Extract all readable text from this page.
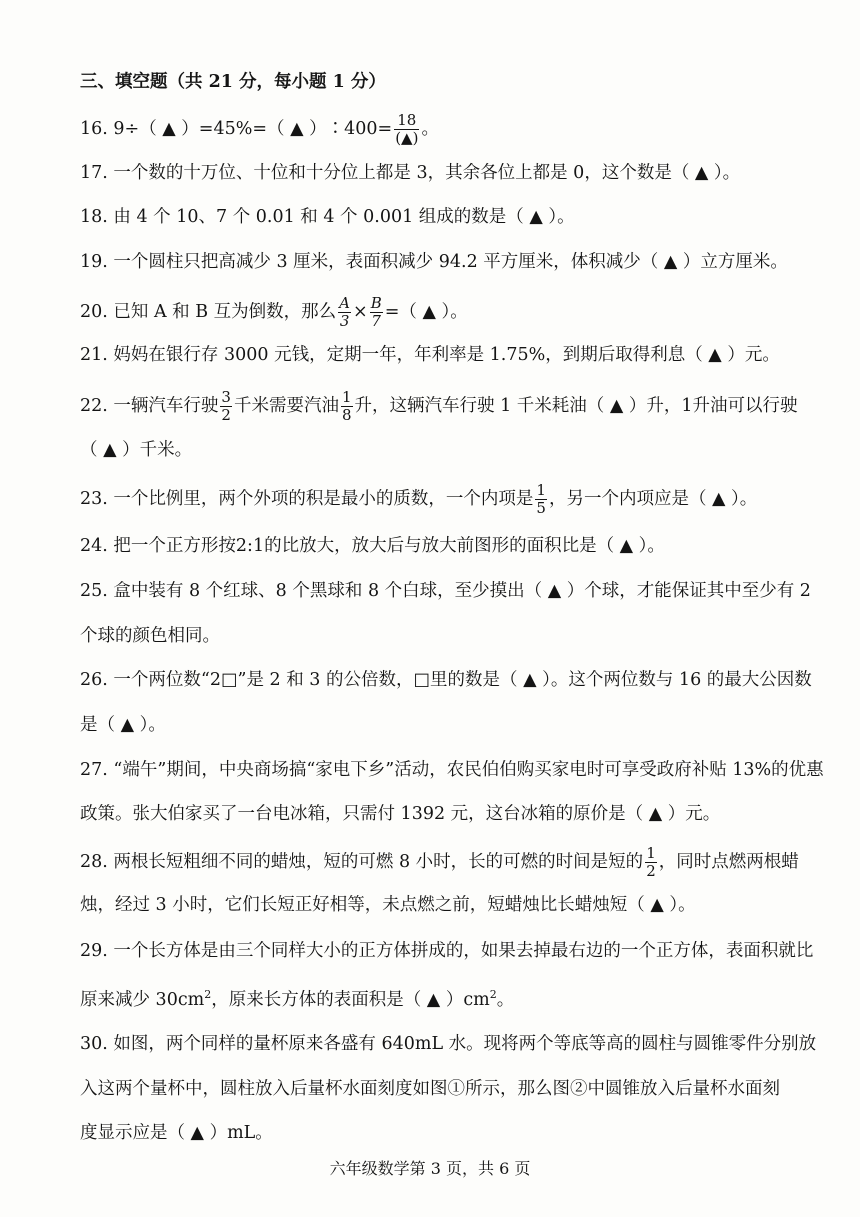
三、填空题（共 21 分，每小题 1 分）
16. 9÷（ ▲ ）=45%=（ ▲ ）∶400= $\frac{18}{(▲)}$ 。
17. 一个数的十万位、十位和十分位上都是 3，其余各位上都是 0，这个数是（ ▲ ）。
18. 由 4 个 10、7 个 0.01 和 4 个 0.001 组成的数是（ ▲ ）。
19. 一个圆柱只把高减少 3 厘米，表面积减少 94.2 平方厘米，体积减少（ ▲ ）立方厘米。
20. 已知 A 和 B 互为倒数，那么 $\frac{A}{3} \times \frac{B}{7}$ =（ ▲ ）。
21. 妈妈在银行存 3000 元钱，定期一年，年利率是 1.75%，到期后取得利息（ ▲ ）元。
22. 一辆汽车行驶 $\frac{3}{2}$ 千米需要汽油 $\frac{1}{8}$ 升，这辆汽车行驶 1 千米耗油（ ▲ ）升，1升油可以行驶
（ ▲ ）千米。
23. 一个比例里，两个外项的积是最小的质数，一个内项是 $\frac{1}{5}$ ，另一个内项应是（ ▲ ）。
24. 把一个正方形按2:1的比放大，放大后与放大前图形的面积比是（ ▲ ）。
25. 盒中装有 8 个红球、8 个黑球和 8 个白球，至少摸出（ ▲ ）个球，才能保证其中至少有 2
个球的颜色相同。
26. 一个两位数“2□”是 2 和 3 的公倍数，□里的数是（ ▲ ）。这个两位数与 16 的最大公因数
是（ ▲ ）。
27. “端午”期间，中央商场搞“家电下乡”活动，农民伯伯购买家电时可享受政府补贴 13%的优惠
政策。张大伯家买了一台电冰箱，只需付 1392 元，这台冰箱的原价是（ ▲ ）元。
28. 两根长短粗细不同的蜡烛，短的可燃 8 小时，长的可燃的时间是短的 $\frac{1}{2}$ ，同时点燃两根蜡
烛，经过 3 小时，它们长短正好相等，未点燃之前，短蜡烛比长蜡烛短（ ▲ ）。
29. 一个长方体是由三个同样大小的正方体拼成的，如果去掉最右边的一个正方体，表面积就比
原来减少 $30cm^2$，原来长方体的表面积是（ ▲ ）$cm^2$。
30. 如图，两个同样的量杯原来各盛有 640mL 水。现将两个等底等高的圆柱与圆锥零件分别放
入这两个量杯中，圆柱放入后量杯水面刻度如图①所示，那么图②中圆锥放入后量杯水面刻
度显示应是（ ▲ ）mL。
六年级数学第 3 页，共 6 页
